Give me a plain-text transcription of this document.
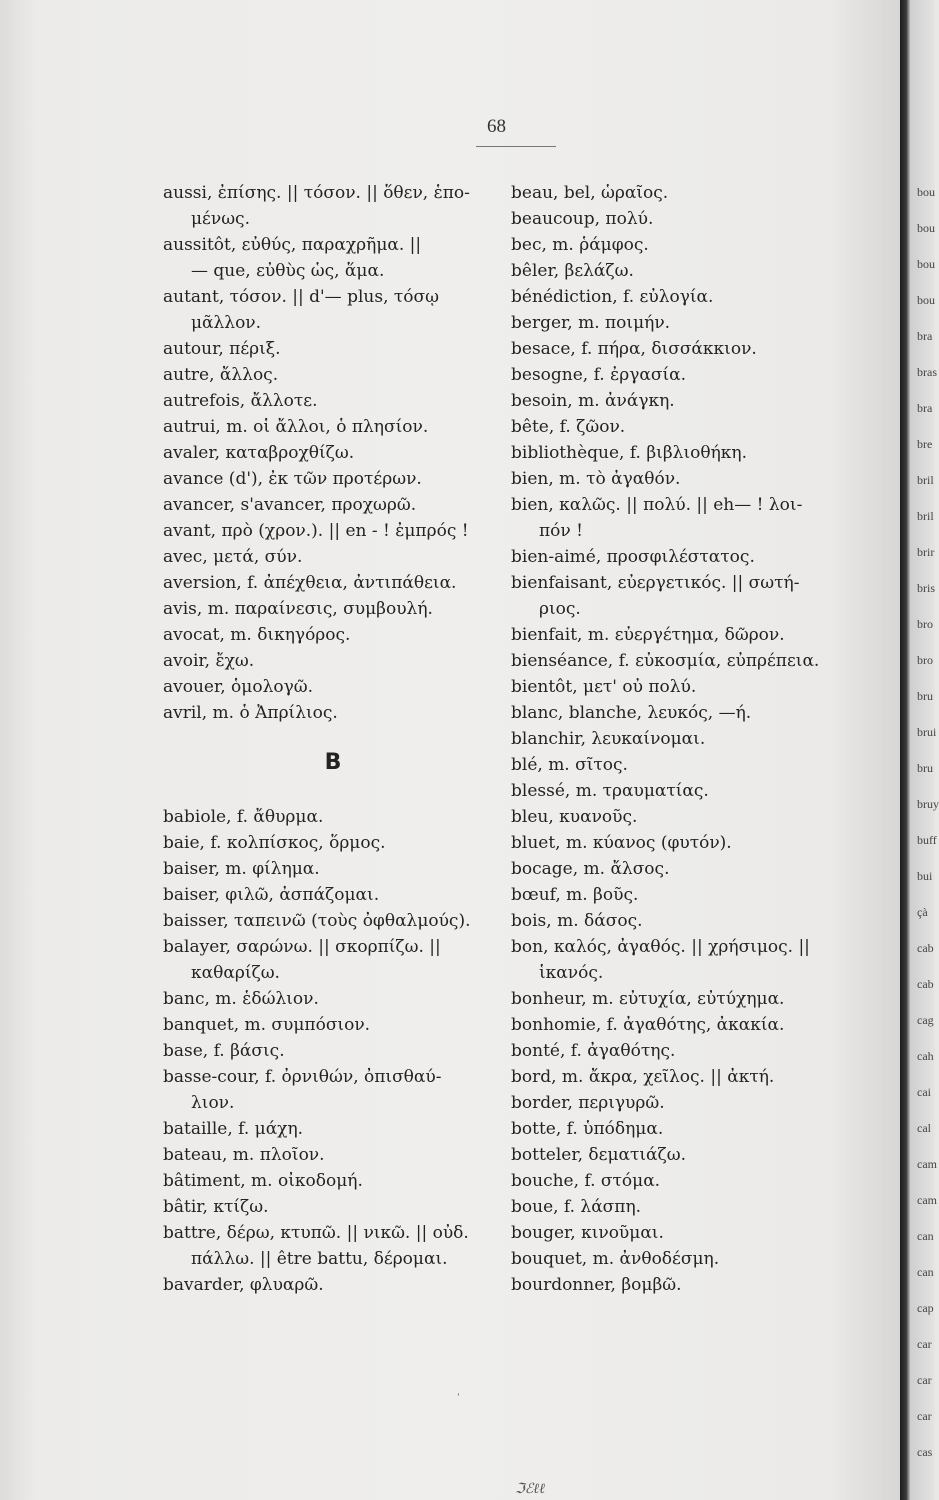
68
aussi, ἐπίσης. || τόσον. || ὅθεν, ἑπο-
μένως.
aussitôt, εὐθύς, παραχρῆμα. ||
— que, εὐθὺς ὡς, ἅμα.
autant, τόσον. || d'— plus, τόσῳ
μᾶλλον.
autour, πέριξ.
autre, ἄλλος.
autrefois, ἄλλοτε.
autrui, m. οἱ ἄλλοι, ὁ πλησίον.
avaler, καταβροχθίζω.
avance (d'), ἐκ τῶν προτέρων.
avancer, s'avancer, προχωρῶ.
avant, πρὸ (χρον.). || en - ! ἐμπρός !
avec, μετά, σύν.
aversion, f. ἀπέχθεια, ἀντιπάθεια.
avis, m. παραίνεσις, συμβουλή.
avocat, m. δικηγόρος.
avoir, ἔχω.
avouer, ὁμολογῶ.
avril, m. ὁ Ἀπρίλιος.
B
babiole, f. ἄθυρμα.
baie, f. κολπίσκος, ὅρμος.
baiser, m. φίλημα.
baiser, φιλῶ, ἀσπάζομαι.
baisser, ταπεινῶ (τοὺς ὀφθαλμούς).
balayer, σαρώνω. || σκορπίζω. ||
καθαρίζω.
banc, m. ἑδώλιον.
banquet, m. συμπόσιον.
base, f. βάσις.
basse-cour, f. ὀρνιθών, ὀπισθαύ-
λιον.
bataille, f. μάχη.
bateau, m. πλοῖον.
bâtiment, m. οἰκοδομή.
bâtir, κτίζω.
battre, δέρω, κτυπῶ. || νικῶ. || οὐδ.
πάλλω. || être battu, δέρομαι.
bavarder, φλυαρῶ.
beau, bel, ὡραῖος.
beaucoup, πολύ.
bec, m. ῥάμφος.
bêler, βελάζω.
bénédiction, f. εὐλογία.
berger, m. ποιμήν.
besace, f. πήρα, δισσάκκιον.
besogne, f. ἐργασία.
besoin, m. ἀνάγκη.
bête, f. ζῶον.
bibliothèque, f. βιβλιοθήκη.
bien, m. τὸ ἀγαθόν.
bien, καλῶς. || πολύ. || eh— ! λοι-
πόν !
bien-aimé, προσφιλέστατος.
bienfaisant, εὐεργετικός. || σωτή-
ριος.
bienfait, m. εὐεργέτημα, δῶρον.
bienséance, f. εὐκοσμία, εὐπρέπεια.
bientôt, μετ' οὐ πολύ.
blanc, blanche, λευκός, —ή.
blanchir, λευκαίνομαι.
blé, m. σῖτος.
blessé, m. τραυματίας.
bleu, κυανοῦς.
bluet, m. κύανος (φυτόν).
bocage, m. ἄλσος.
bœuf, m. βοῦς.
bois, m. δάσος.
bon, καλός, ἀγαθός. || χρήσιμος. ||
ἱκανός.
bonheur, m. εὐτυχία, εὐτύχημα.
bonhomie, f. ἀγαθότης, ἀκακία.
bonté, f. ἀγαθότης.
bord, m. ἄκρα, χεῖλος. || ἀκτή.
border, περιγυρῶ.
botte, f. ὑπόδημα.
botteler, δεματιάζω.
bouche, f. στόμα.
boue, f. λάσπη.
bouger, κινοῦμαι.
bouquet, m. ἀνθοδέσμη.
bourdonner, βομβῶ.
ˈ
ℑℰℓℓ
bou
bou
bou
bou
bra
bras
bra
bre
bril
bril
brir
bris
bro
bro
bru
brui
bru
bruy
buff
bui
çà
cab
cab
cag
cah
cai
cal
cam
cam
can
can
cap
car
car
car
cas
